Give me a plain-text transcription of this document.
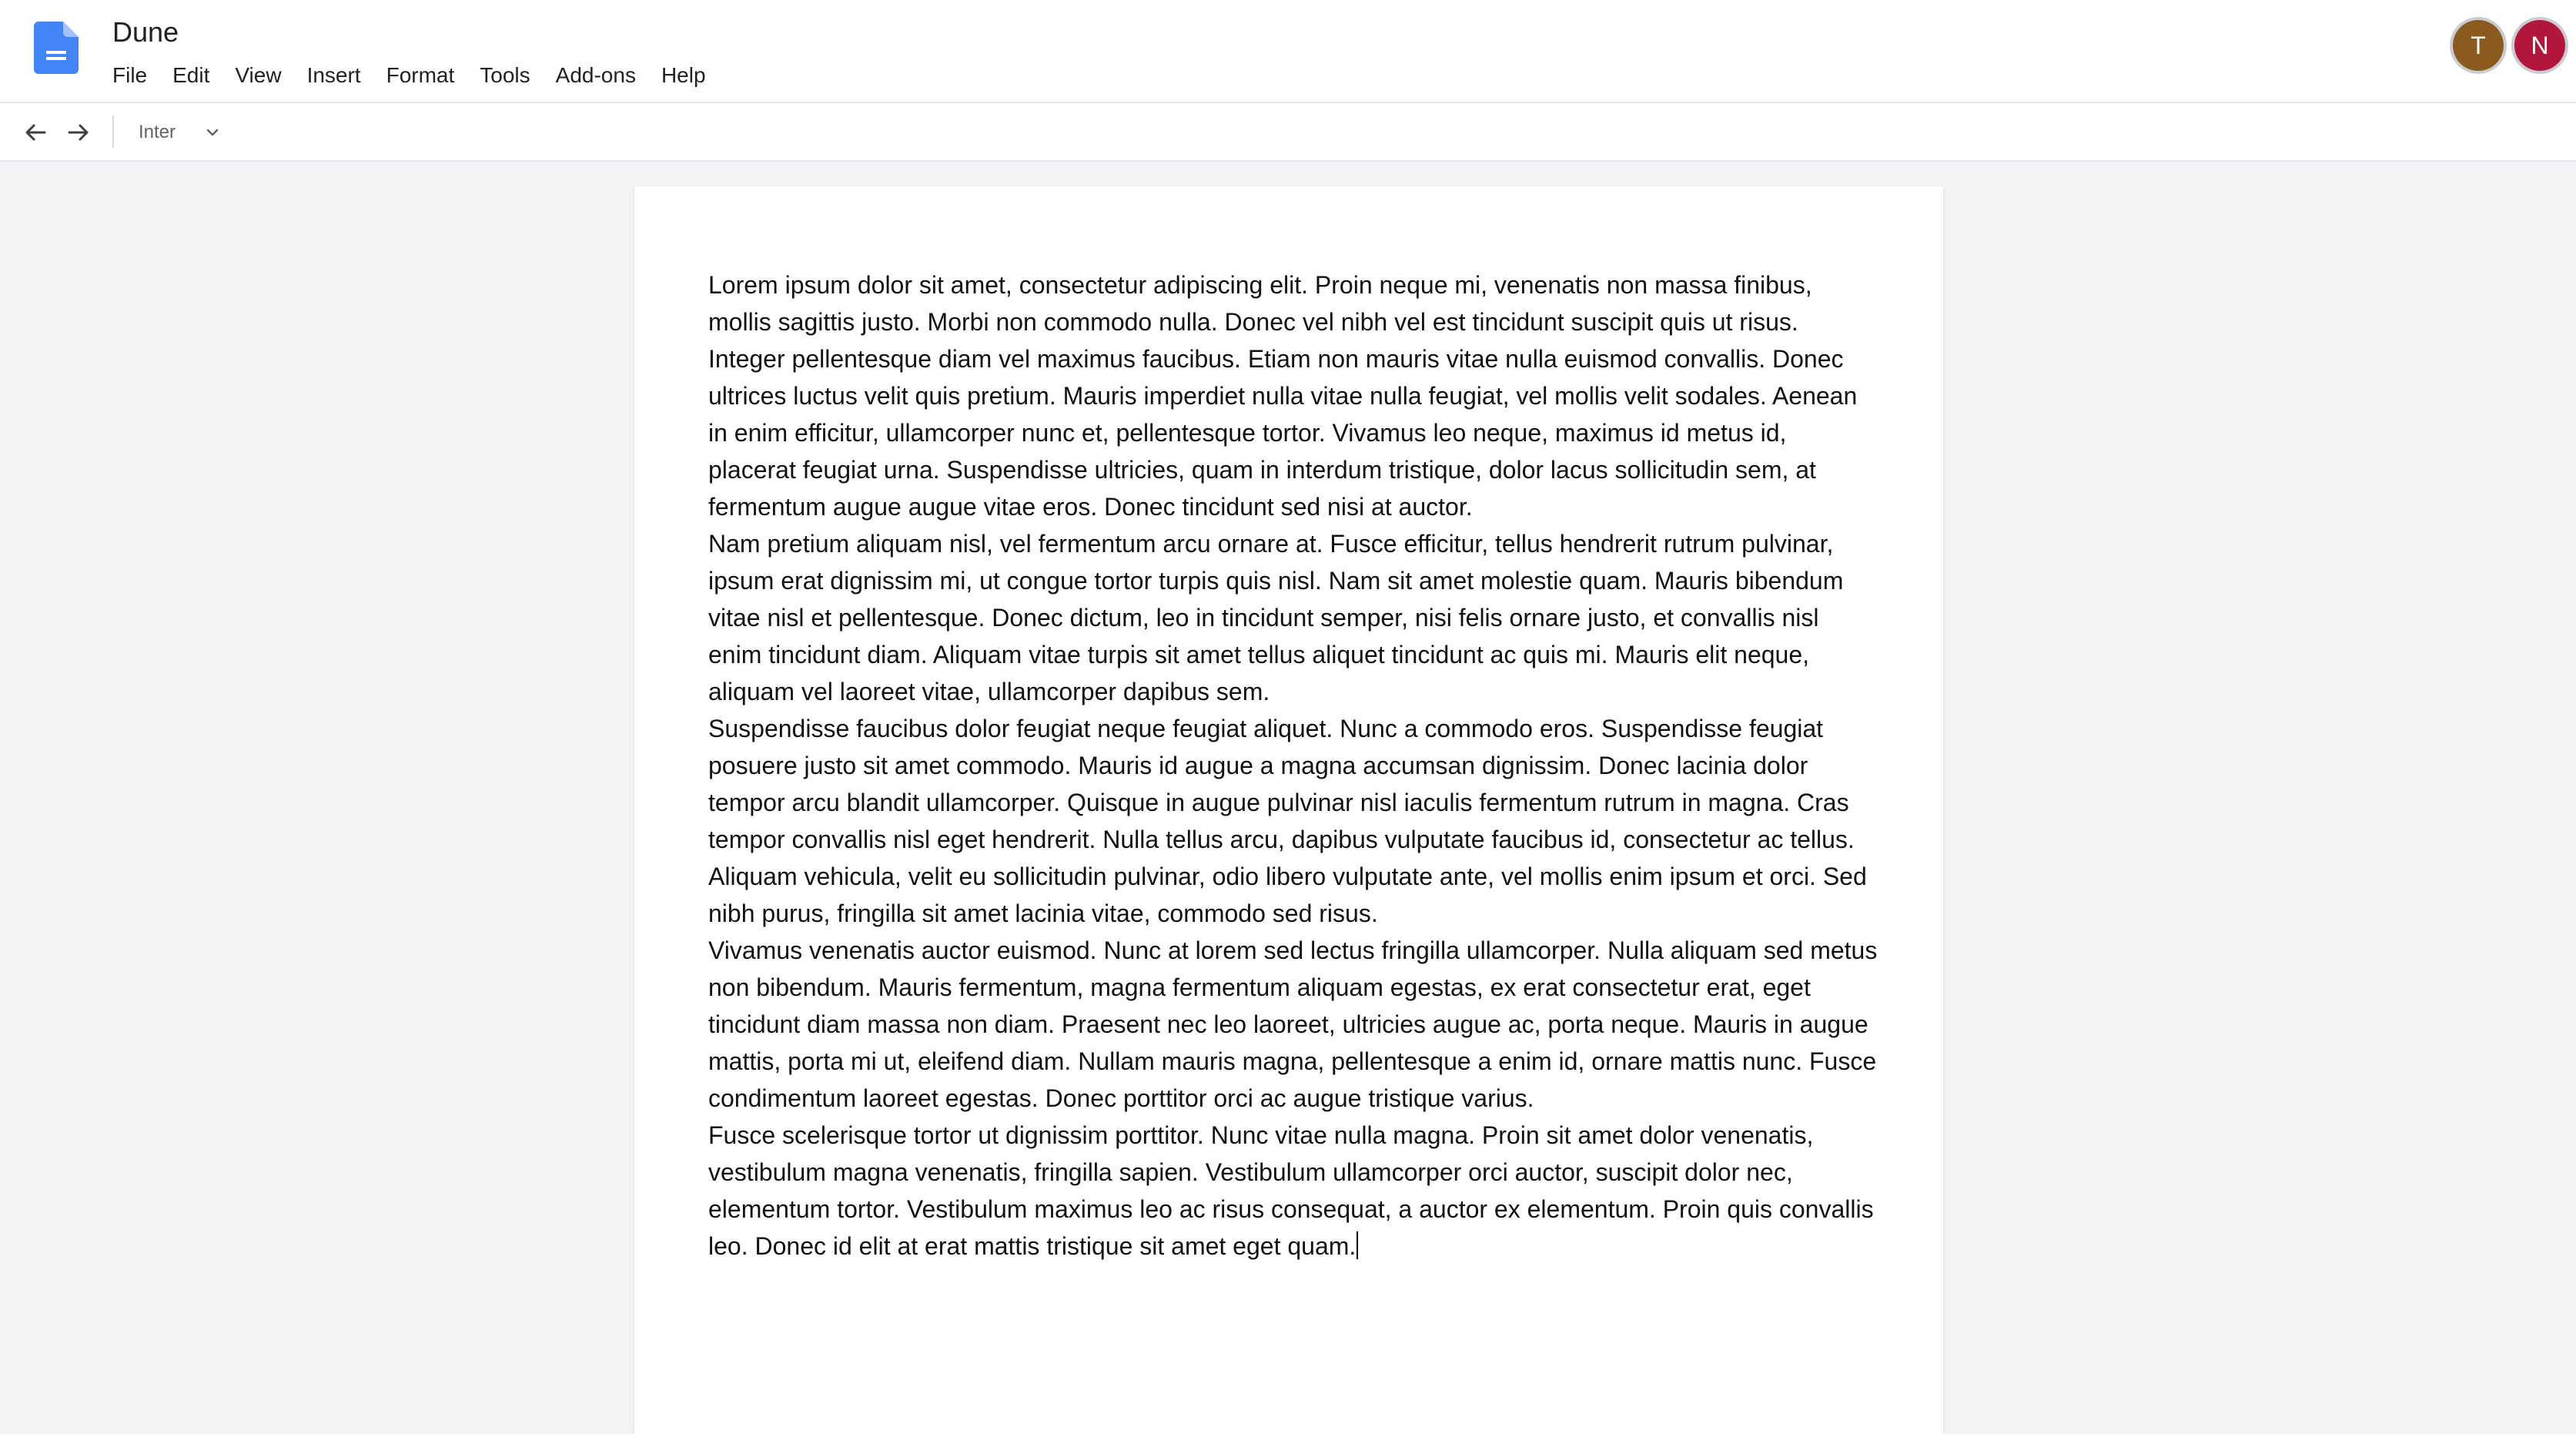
Dune
File Edit View Insert Format Tools Add-ons Help
T	N
Inter

Lorem ipsum dolor sit amet, consectetur adipiscing elit. Proin neque mi, venenatis non massa finibus, mollis sagittis justo. Morbi non commodo nulla. Donec vel nibh vel est tincidunt suscipit quis ut risus. Integer pellentesque diam vel maximus faucibus. Etiam non mauris vitae nulla euismod convallis. Donec ultrices luctus velit quis pretium. Mauris imperdiet nulla vitae nulla feugiat, vel mollis velit sodales. Aenean in enim efficitur, ullamcorper nunc et, pellentesque tortor. Vivamus leo neque, maximus id metus id, placerat feugiat urna. Suspendisse ultricies, quam in interdum tristique, dolor lacus sollicitudin sem, at fermentum augue augue vitae eros. Donec tincidunt sed nisi at auctor.

Nam pretium aliquam nisl, vel fermentum arcu ornare at. Fusce efficitur, tellus hendrerit rutrum pulvinar, ipsum erat dignissim mi, ut congue tortor turpis quis nisl. Nam sit amet molestie quam. Mauris bibendum vitae nisl et pellentesque. Donec dictum, leo in tincidunt semper, nisi felis ornare justo, et convallis nisl enim tincidunt diam. Aliquam vitae turpis sit amet tellus aliquet tincidunt ac quis mi. Mauris elit neque, aliquam vel laoreet vitae, ullamcorper dapibus sem.

Suspendisse faucibus dolor feugiat neque feugiat aliquet. Nunc a commodo eros. Suspendisse feugiat posuere justo sit amet commodo. Mauris id augue a magna accumsan dignissim. Donec lacinia dolor tempor arcu blandit ullamcorper. Quisque in augue pulvinar nisl iaculis fermentum rutrum in magna. Cras tempor convallis nisl eget hendrerit. Nulla tellus arcu, dapibus vulputate faucibus id, consectetur ac tellus. Aliquam vehicula, velit eu sollicitudin pulvinar, odio libero vulputate ante, vel mollis enim ipsum et orci. Sed nibh purus, fringilla sit amet lacinia vitae, commodo sed risus.

Vivamus venenatis auctor euismod. Nunc at lorem sed lectus fringilla ullamcorper. Nulla aliquam sed metus non bibendum. Mauris fermentum, magna fermentum aliquam egestas, ex erat consectetur erat, eget tincidunt diam massa non diam. Praesent nec leo laoreet, ultricies augue ac, porta neque. Mauris in augue mattis, porta mi ut, eleifend diam. Nullam mauris magna, pellentesque a enim id, ornare mattis nunc. Fusce condimentum laoreet egestas. Donec porttitor orci ac augue tristique varius.

Fusce scelerisque tortor ut dignissim porttitor. Nunc vitae nulla magna. Proin sit amet dolor venenatis, vestibulum magna venenatis, fringilla sapien. Vestibulum ullamcorper orci auctor, suscipit dolor nec, elementum tortor. Vestibulum maximus leo ac risus consequat, a auctor ex elementum. Proin quis convallis leo. Donec id elit at erat mattis tristique sit amet eget quam.
